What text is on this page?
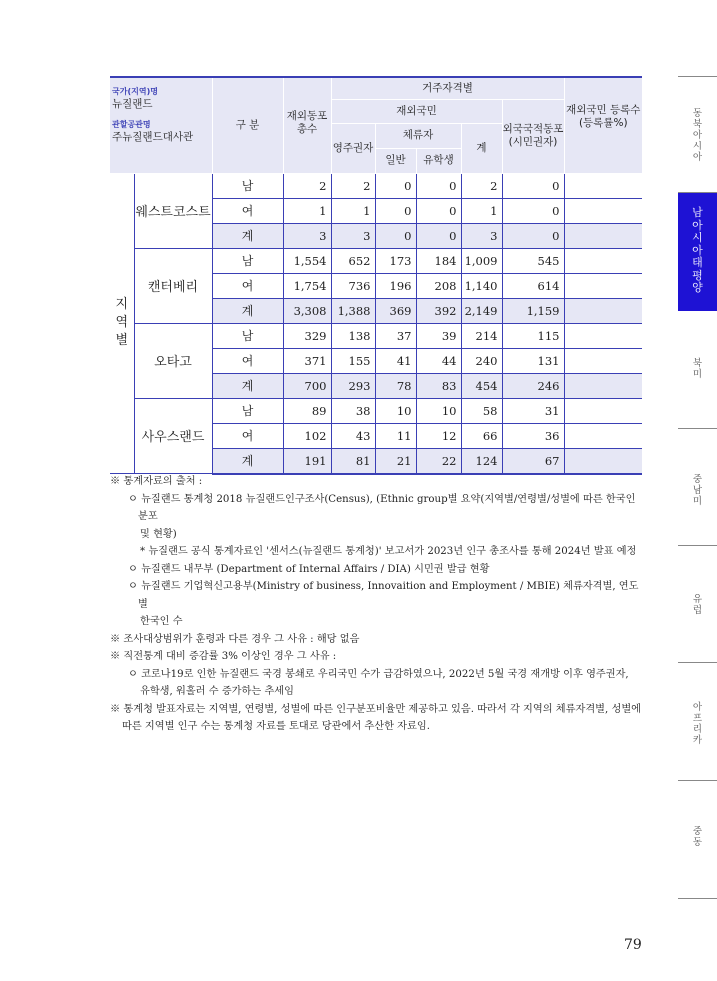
국가(지역)명
뉴질랜드
관할공관명
주뉴질랜드대사관		구 분	재외동포 총수	거주자격별					재외국민 등록수 (등록률%)
				재외국민				외국국적동포 (시민권자)	
				영주권자	체류자		계		
					일반	유학생			

지
역
별	웨스트코스트	남	2	2	0	0	2	0	
		여	1	1	0	0	1	0	
		계	3	3	0	0	3	0	
	캔터베리	남	1,554	652	173	184	1,009	545	
		여	1,754	736	196	208	1,140	614	
		계	3,308	1,388	369	392	2,149	1,159	
	오타고	남	329	138	37	39	214	115	
		여	371	155	41	44	240	131	
		계	700	293	78	83	454	246	
	사우스랜드	남	89	38	10	10	58	31	
		여	102	43	11	12	66	36	
		계	191	81	21	22	124	67	

※ 통계자료의 출처 :

ㅇ 뉴질랜드 통계청 2018 뉴질랜드인구조사(Census), (Ethnic group별 요약(지역별/연령별/성별에 따른 한국인 분포

및 현황)

* 뉴질랜드 공식 통계자료인 '센서스(뉴질랜드 통계청)' 보고서가 2023년 인구 총조사를 통해 2024년 발표 예정

ㅇ 뉴질랜드 내무부 (Department of Internal Affairs / DIA) 시민권 발급 현황

ㅇ 뉴질랜드 기업혁신고용부(Ministry of business, Innovaition and Employment / MBIE) 체류자격별, 연도별

한국인 수

※ 조사대상범위가 훈령과 다른 경우 그 사유 : 해당 없음

※ 직전통계 대비 증감률 3% 이상인 경우 그 사유 :

ㅇ 코로나19로 인한 뉴질랜드 국경 봉쇄로 우리국민 수가 급감하였으나, 2022년 5월 국경 재개방 이후 영주권자,

유학생, 워홀러 수 증가하는 추세임

※ 통계청 발표자료는 지역별, 연령별, 성별에 따른 인구분포비율만 제공하고 있음. 따라서 각 지역의 체류자격별, 성별에

따른 지역별 인구 수는 통계청 자료를 토대로 당관에서 추산한 자료임.

동
북
아
시
아
남
아
시
아
태
평
양
북
미
중
남
미
유
럽
아
프
리
카
중
동
79
